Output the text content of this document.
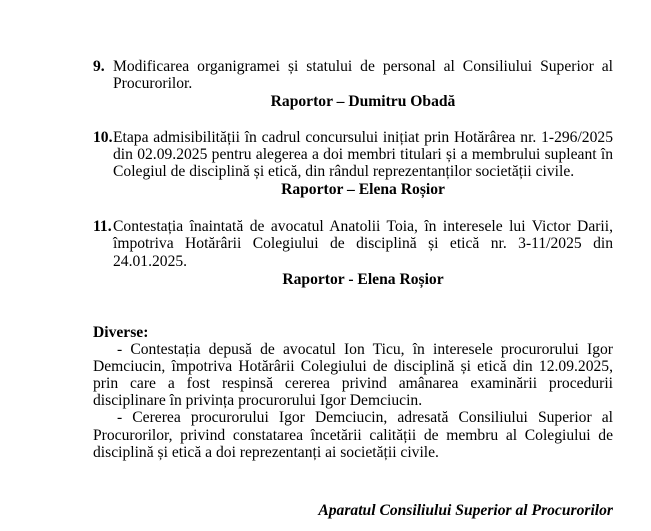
9. Modificarea organigramei și statului de personal al Consiliului Superior al
Procurorilor.
Raportor – Dumitru Obadă
10. Etapa admisibilității în cadrul concursului inițiat prin Hotărârea nr. 1-296/2025
din 02.09.2025 pentru alegerea a doi membri titulari și a membrului supleant în
Colegiul de disciplină și etică, din rândul reprezentanților societății civile.
Raportor – Elena Roșior
11. Contestația înaintată de avocatul Anatolii Toia, în interesele lui Victor Darii,
împotriva Hotărârii Colegiului de disciplină și etică nr. 3-11/2025 din
24.01.2025.
Raportor - Elena Roșior
Diverse:
- Contestația depusă de avocatul Ion Ticu, în interesele procurorului Igor
Demciucin, împotriva Hotărârii Colegiului de disciplină și etică din 12.09.2025,
prin care a fost respinsă cererea privind amânarea examinării procedurii
disciplinare în privința procurorului Igor Demciucin.
- Cererea procurorului Igor Demciucin, adresată Consiliului Superior al
Procurorilor, privind constatarea încetării calității de membru al Colegiului de
disciplină și etică a doi reprezentanți ai societății civile.
Aparatul Consiliului Superior al Procurorilor
